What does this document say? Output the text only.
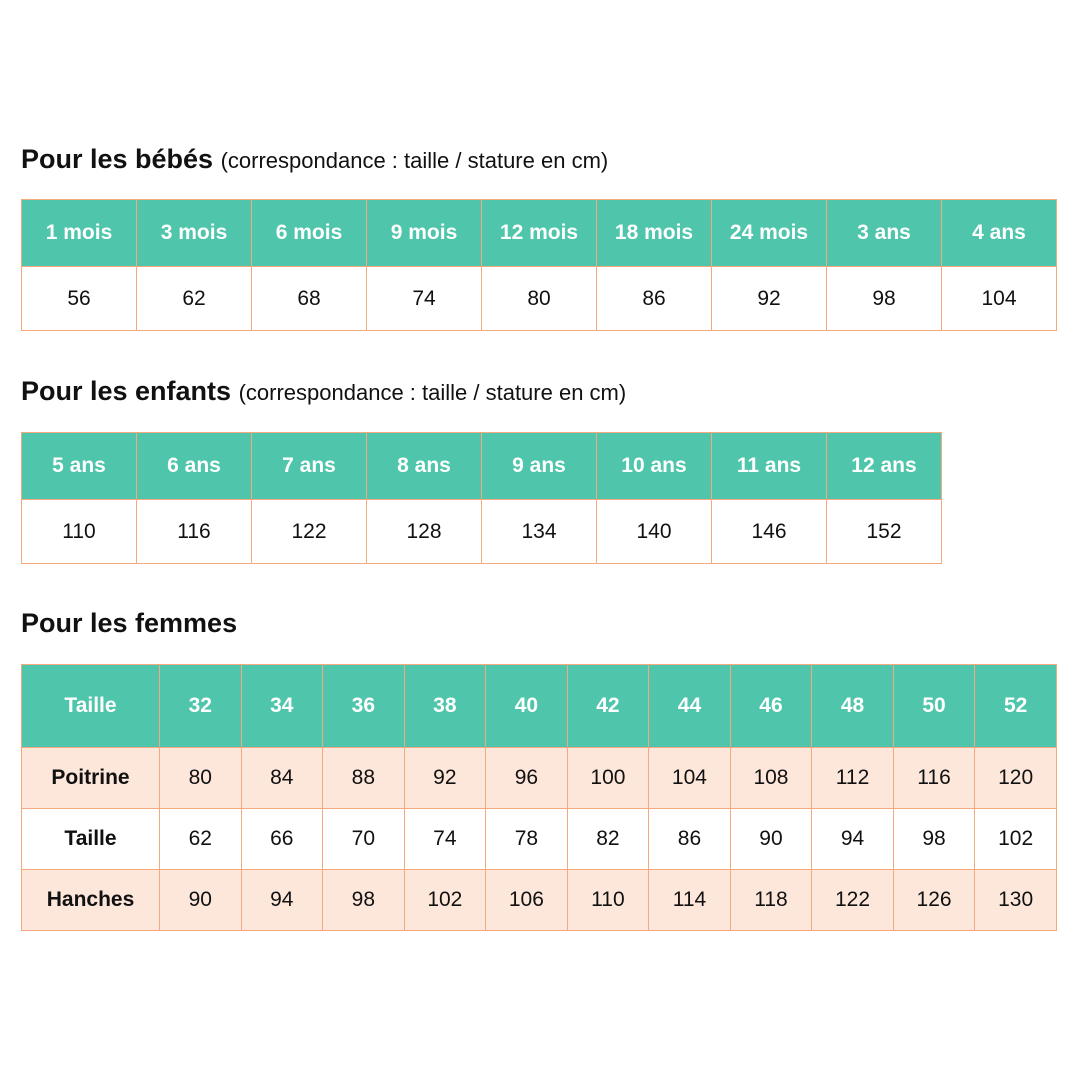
Pour les bébés (correspondance : taille / stature en cm)
1 mois	3 mois	6 mois	9 mois	12 mois	18 mois	24 mois	3 ans	4 ans
56	62	68	74	80	86	92	98	104
Pour les enfants (correspondance : taille / stature en cm)
5 ans	6 ans	7 ans	8 ans	9 ans	10 ans	11 ans	12 ans
110	116	122	128	134	140	146	152
Pour les femmes
Taille	32	34	36	38	40	42	44	46	48	50	52
Poitrine	80	84	88	92	96	100	104	108	112	116	120
Taille	62	66	70	74	78	82	86	90	94	98	102
Hanches	90	94	98	102	106	110	114	118	122	126	130
